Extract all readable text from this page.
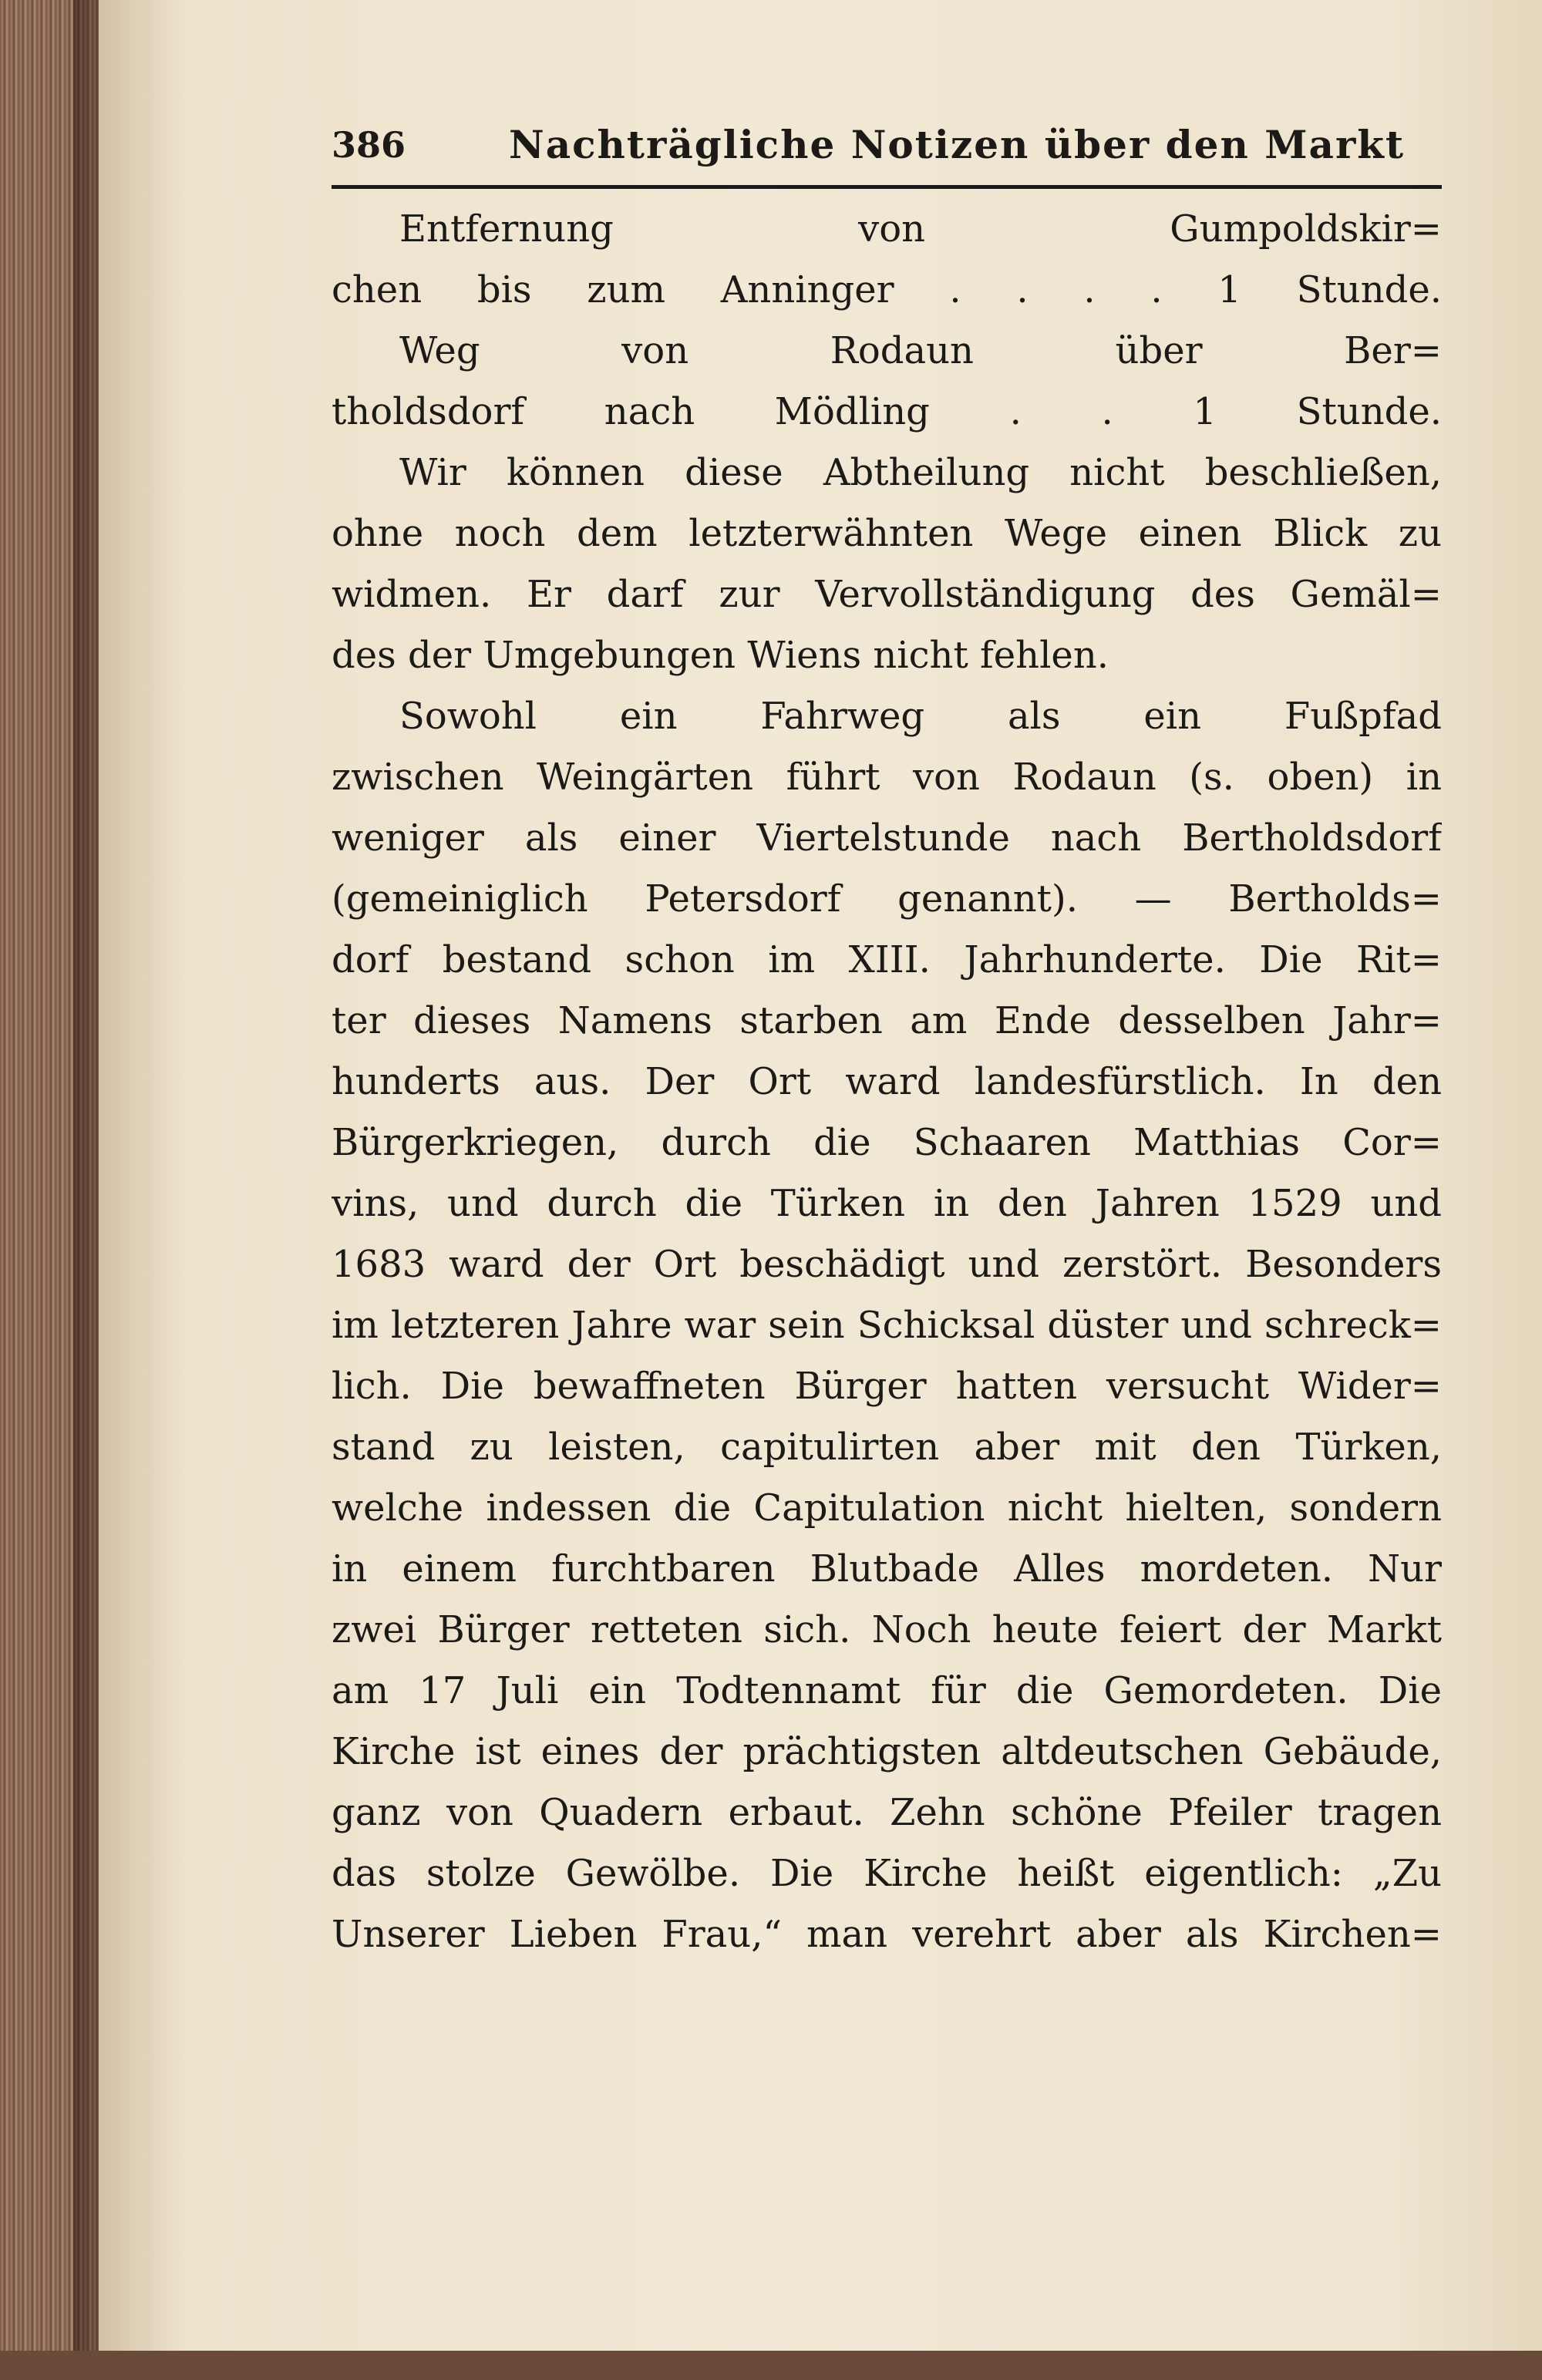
386	Nachträgliche Notizen über den Markt
Entfernung von Gumpoldskir=
chen bis zum Anninger . . . . 1 Stunde.
Weg von Rodaun über Ber=
tholdsdorf nach Mödling . . 1 Stunde.
Wir können diese Abtheilung nicht beschließen,
ohne noch dem letzterwähnten Wege einen Blick zu
widmen. Er darf zur Vervollständigung des Gemäl=
des der Umgebungen Wiens nicht fehlen.
Sowohl ein Fahrweg als ein Fußpfad
zwischen Weingärten führt von Rodaun (s. oben) in
weniger als einer Viertelstunde nach Bertholdsdorf
(gemeiniglich Petersdorf genannt). — Bertholds=
dorf bestand schon im XIII. Jahrhunderte. Die Rit=
ter dieses Namens starben am Ende desselben Jahr=
hunderts aus. Der Ort ward landesfürstlich. In den
Bürgerkriegen, durch die Schaaren Matthias Cor=
vins, und durch die Türken in den Jahren 1529 und
1683 ward der Ort beschädigt und zerstört. Besonders
im letzteren Jahre war sein Schicksal düster und schreck=
lich. Die bewaffneten Bürger hatten versucht Wider=
stand zu leisten, capitulirten aber mit den Türken,
welche indessen die Capitulation nicht hielten, sondern
in einem furchtbaren Blutbade Alles mordeten. Nur
zwei Bürger retteten sich. Noch heute feiert der Markt
am 17 Juli ein Todtennamt für die Gemordeten. Die
Kirche ist eines der prächtigsten altdeutschen Gebäude,
ganz von Quadern erbaut. Zehn schöne Pfeiler tragen
das stolze Gewölbe. Die Kirche heißt eigentlich: „Zu
Unserer Lieben Frau,“ man verehrt aber als Kirchen=
